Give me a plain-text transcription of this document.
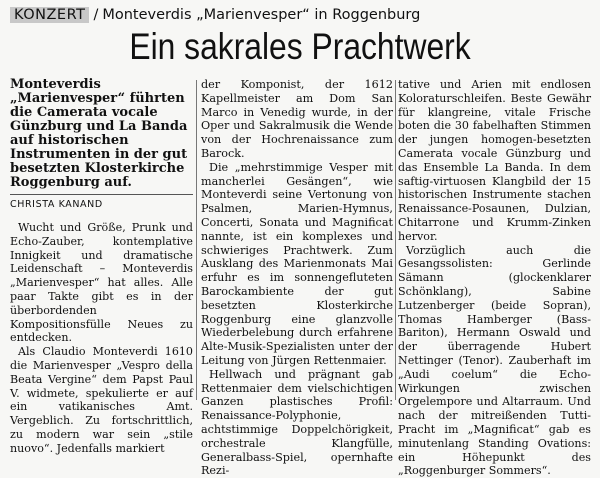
KONZERT / Monteverdis „Marienvesper“ in Roggenburg
Ein sakrales Prachtwerk

Monteverdis „Marienvesper“ führten die Camerata vocale Günzburg und La Banda auf historischen Instrumenten in der gut besetzten Klosterkirche Roggenburg auf.

CHRISTA KANAND

Wucht und Größe, Prunk und Echo-Zauber, kontemplative Innigkeit und dramatische Leidenschaft – Monteverdis „Marienvesper“ hat alles. Alle paar Takte gibt es in der überbordenden Kompositionsfülle Neues zu entdecken.

Als Claudio Monteverdi 1610 die Marienvesper „Vespro della Beata Vergine“ dem Papst Paul V. widmete, spekulierte er auf ein vatikanisches Amt. Vergeblich. Zu fortschrittlich, zu modern war sein „stile nuovo“. Jedenfalls markiert

der Komponist, der 1612 Kapellmeister am Dom San Marco in Venedig wurde, in der Oper und Sakralmusik die Wende von der Hochrenaissance zum Barock.

Die „mehrstimmige Vesper mit mancherlei Gesängen“, wie Monteverdi seine Vertonung von Psalmen, Marien-Hymnus, Concerti, Sonata und Magnificat nannte, ist ein komplexes und schwieriges Prachtwerk. Zum Ausklang des Marienmonats Mai erfuhr es im sonnengefluteten Barockambiente der gut besetzten Klosterkirche Roggenburg eine glanzvolle Wiederbelebung durch erfahrene Alte-Musik-Spezialisten unter der Leitung von Jürgen Rettenmaier.

Hellwach und prägnant gab Rettenmaier dem vielschichtigen Ganzen plastisches Profil: Renaissance-Polyphonie, achtstimmige Doppelchörigkeit, orchestrale Klangfülle, Generalbass-Spiel, opernhafte Rezi-

tative und Arien mit endlosen Koloraturschleifen. Beste Gewähr für klangreine, vitale Frische boten die 30 fabelhaften Stimmen der jungen homogen-besetzten Camerata vocale Günzburg und das Ensemble La Banda. In dem saftig-virtuosen Klangbild der 15 historischen Instrumente stachen Renaissance-Posaunen, Dulzian, Chitarrone und Krumm-Zinken hervor.

Vorzüglich auch die Gesangssolisten: Gerlinde Sämann (glockenklarer Schönklang), Sabine Lutzenberger (beide Sopran), Thomas Hamberger (Bass-Bariton), Hermann Oswald und der überragende Hubert Nettinger (Tenor). Zauberhaft im „Audi coelum“ die Echo-Wirkungen zwischen Orgelempore und Altarraum. Und nach der mitreißenden Tutti-Pracht im „Magnificat“ gab es minutenlang Standing Ovations: ein Höhepunkt des „Roggenburger Sommers“.
